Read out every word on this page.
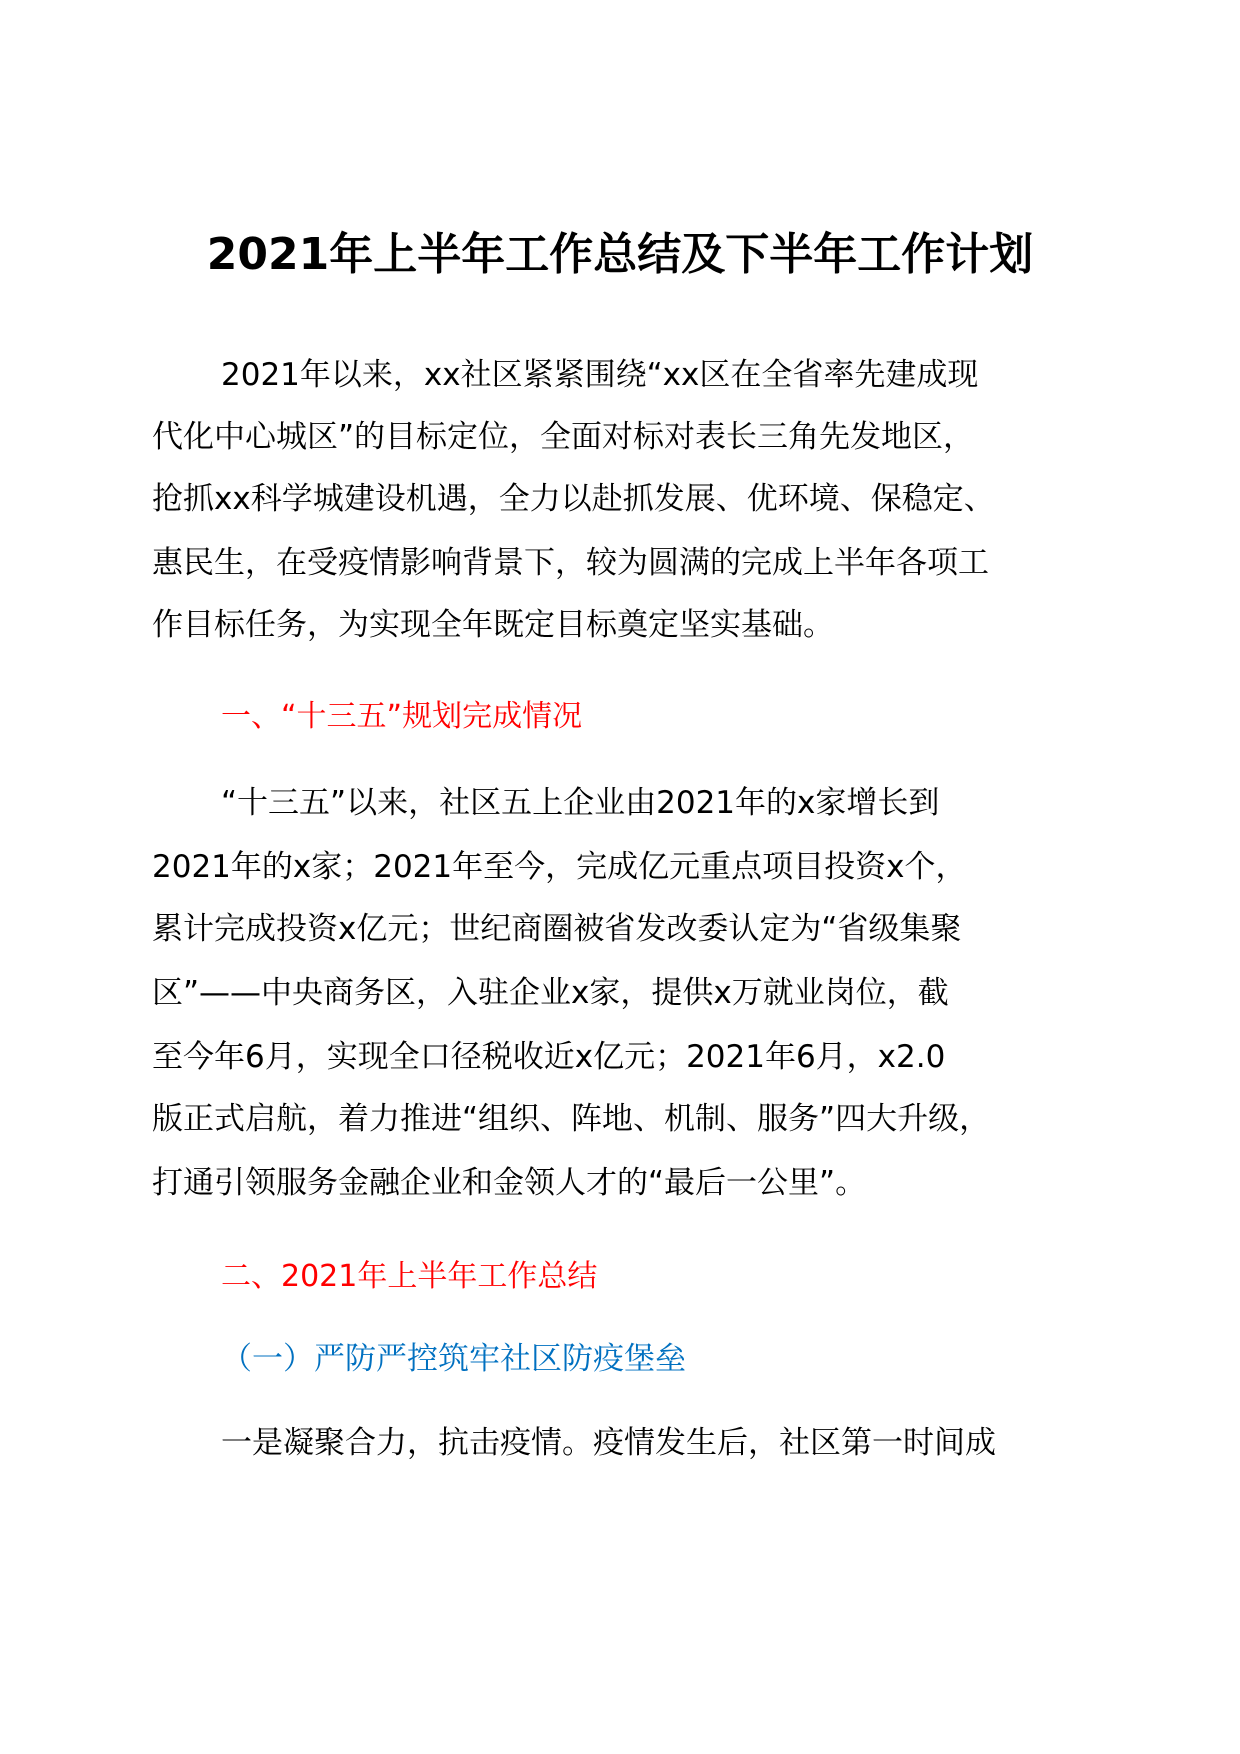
2021年上半年工作总结及下半年工作计划
2021年以来，xx社区紧紧围绕“xx区在全省率先建成现
代化中心城区”的目标定位，全面对标对表长三角先发地区，
抢抓xx科学城建设机遇，全力以赴抓发展、优环境、保稳定、
惠民生，在受疫情影响背景下，较为圆满的完成上半年各项工
作目标任务，为实现全年既定目标奠定坚实基础。
一、“十三五”规划完成情况
“十三五”以来，社区五上企业由2021年的x家增长到
2021年的x家；2021年至今，完成亿元重点项目投资x个，
累计完成投资x亿元；世纪商圈被省发改委认定为“省级集聚
区”——中央商务区，入驻企业x家，提供x万就业岗位，截
至今年6月，实现全口径税收近x亿元；2021年6月，x2.0
版正式启航，着力推进“组织、阵地、机制、服务”四大升级，
打通引领服务金融企业和金领人才的“最后一公里”。
二、2021年上半年工作总结
（一）严防严控筑牢社区防疫堡垒
一是凝聚合力，抗击疫情。疫情发生后，社区第一时间成
